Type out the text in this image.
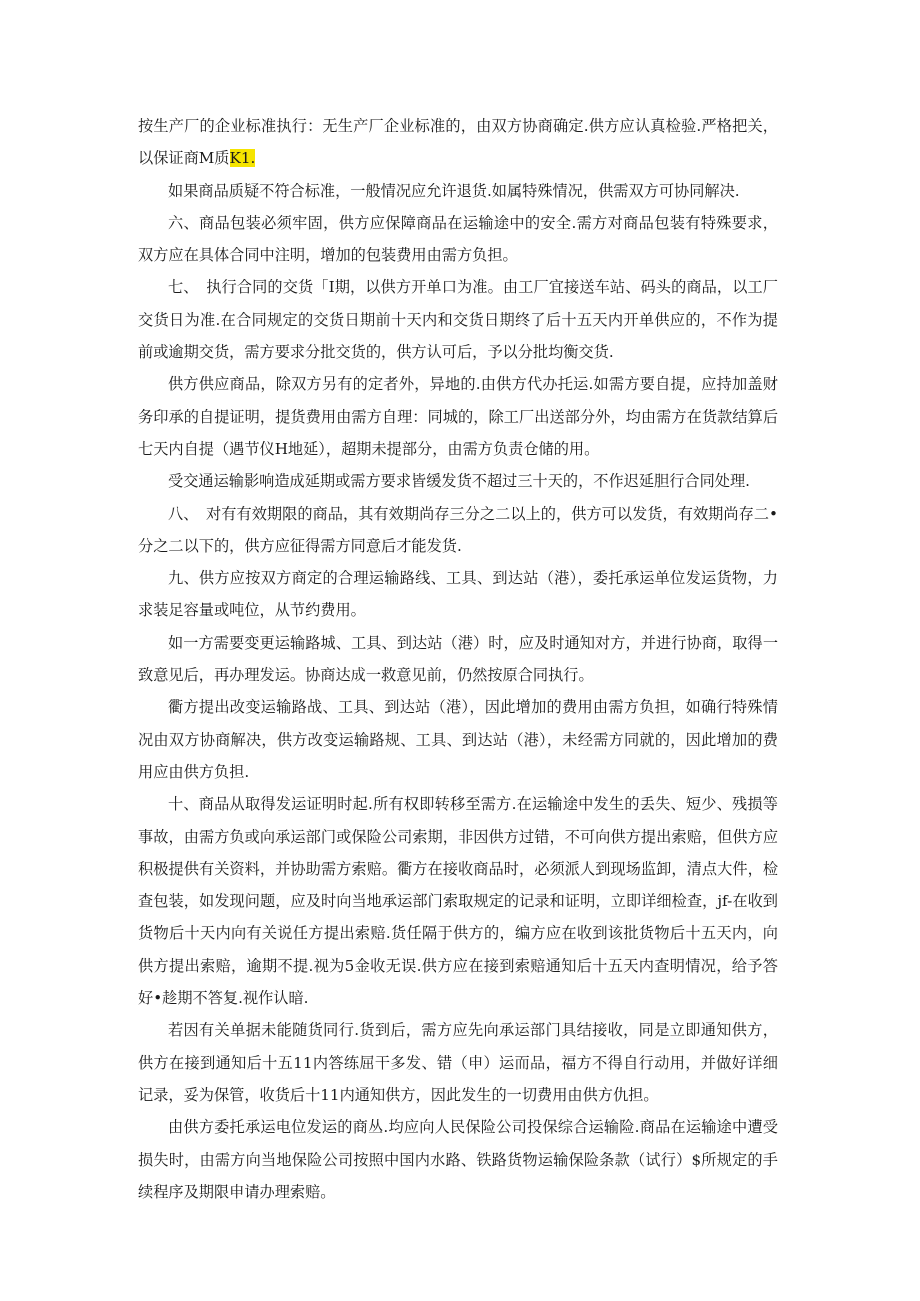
按生产厂的企业标准执行：无生产厂企业标准的，由双方协商确定.供方应认真检验.严格把关，以保证商M质K1.

如果商品质疑不符合标准，一般情况应允许退货.如属特殊情况，供需双方可协同解决.

六、商品包装必须牢固，供方应保障商品在运输途中的安全.需方对商品包装有特殊要求，双方应在具体合同中注明，增加的包装费用由需方负担。

七、　执行合同的交货「I期，以供方开单口为准。由工厂宜接送车站、码头的商品，以工厂交货日为准.在合同规定的交货日期前十天内和交货日期终了后十五天内开单供应的，不作为提前或逾期交货，需方要求分批交货的，供方认可后，予以分批均衡交货.

供方供应商品，除双方另有的定者外，异地的.由供方代办托运.如需方要自提，应持加盖财务印承的自提证明，提货费用由需方自理：同城的，除工厂出送部分外，均由需方在货款结算后七天内自提（遇节仪H地延），超期未提部分，由需方负责仓储的用。

受交通运输影响造成延期或需方要求皆缓发货不超过三十天的，不作迟延胆行合同处理.

八、　对有有效期限的商品，其有效期尚存三分之二以上的，供方可以发货，有效期尚存二•分之二以下的，供方应征得需方同意后才能发货.

九、供方应按双方商定的合理运输路线、工具、到达站（港），委托承运单位发运货物，力求装足容量或吨位，从节约费用。

如一方需要变更运输路城、工具、到达站（港）时，应及时通知对方，并进行协商，取得一致意见后，再办理发运。协商达成一救意见前，仍然按原合同执行。

衢方提出改变运输路战、工具、到达站（港），因此增加的费用由需方负担，如确行特殊情况由双方协商解决，供方改变运输路规、工具、到达站（港），未经需方同就的，因此增加的费用应由供方负担.

十、商品从取得发运证明时起.所有权即转移至需方.在运输途中发生的丢失、短少、残损等事故，由需方负或向承运部门或保险公司索期，非因供方过错，不可向供方提出索赔，但供方应积极提供有关资料，并协助需方索赔。衢方在接收商品时，必须派人到现场监卸，清点大件，检查包装，如发现问题，应及时向当地承运部门索取规定的记录和证明，立即详细检查，jf-在收到货物后十天内向有关说任方提出索赔.货任隔于供方的，编方应在收到该批货物后十五天内，向供方提出索赔，逾期不提.视为5金收无误.供方应在接到索赔通知后十五天内查明情况，给予答好•趁期不答复.视作认暗.

若因有关单据未能随货同行.货到后，需方应先向承运部门具结接收，同是立即通知供方，供方在接到通知后十五11内答练屈干多发、错（申）运而品，福方不得自行动用，并做好详细记录，妥为保管，收货后十11内通知供方，因此发生的一切费用由供方仇担。

由供方委托承运电位发运的商丛.均应向人民保险公司投保综合运输险.商品在运输途中遭受损失时，由需方向当地保险公司按照中国内水路、铁路货物运输保险条款（试行）$所规定的手续程序及期限申请办理索赔。
